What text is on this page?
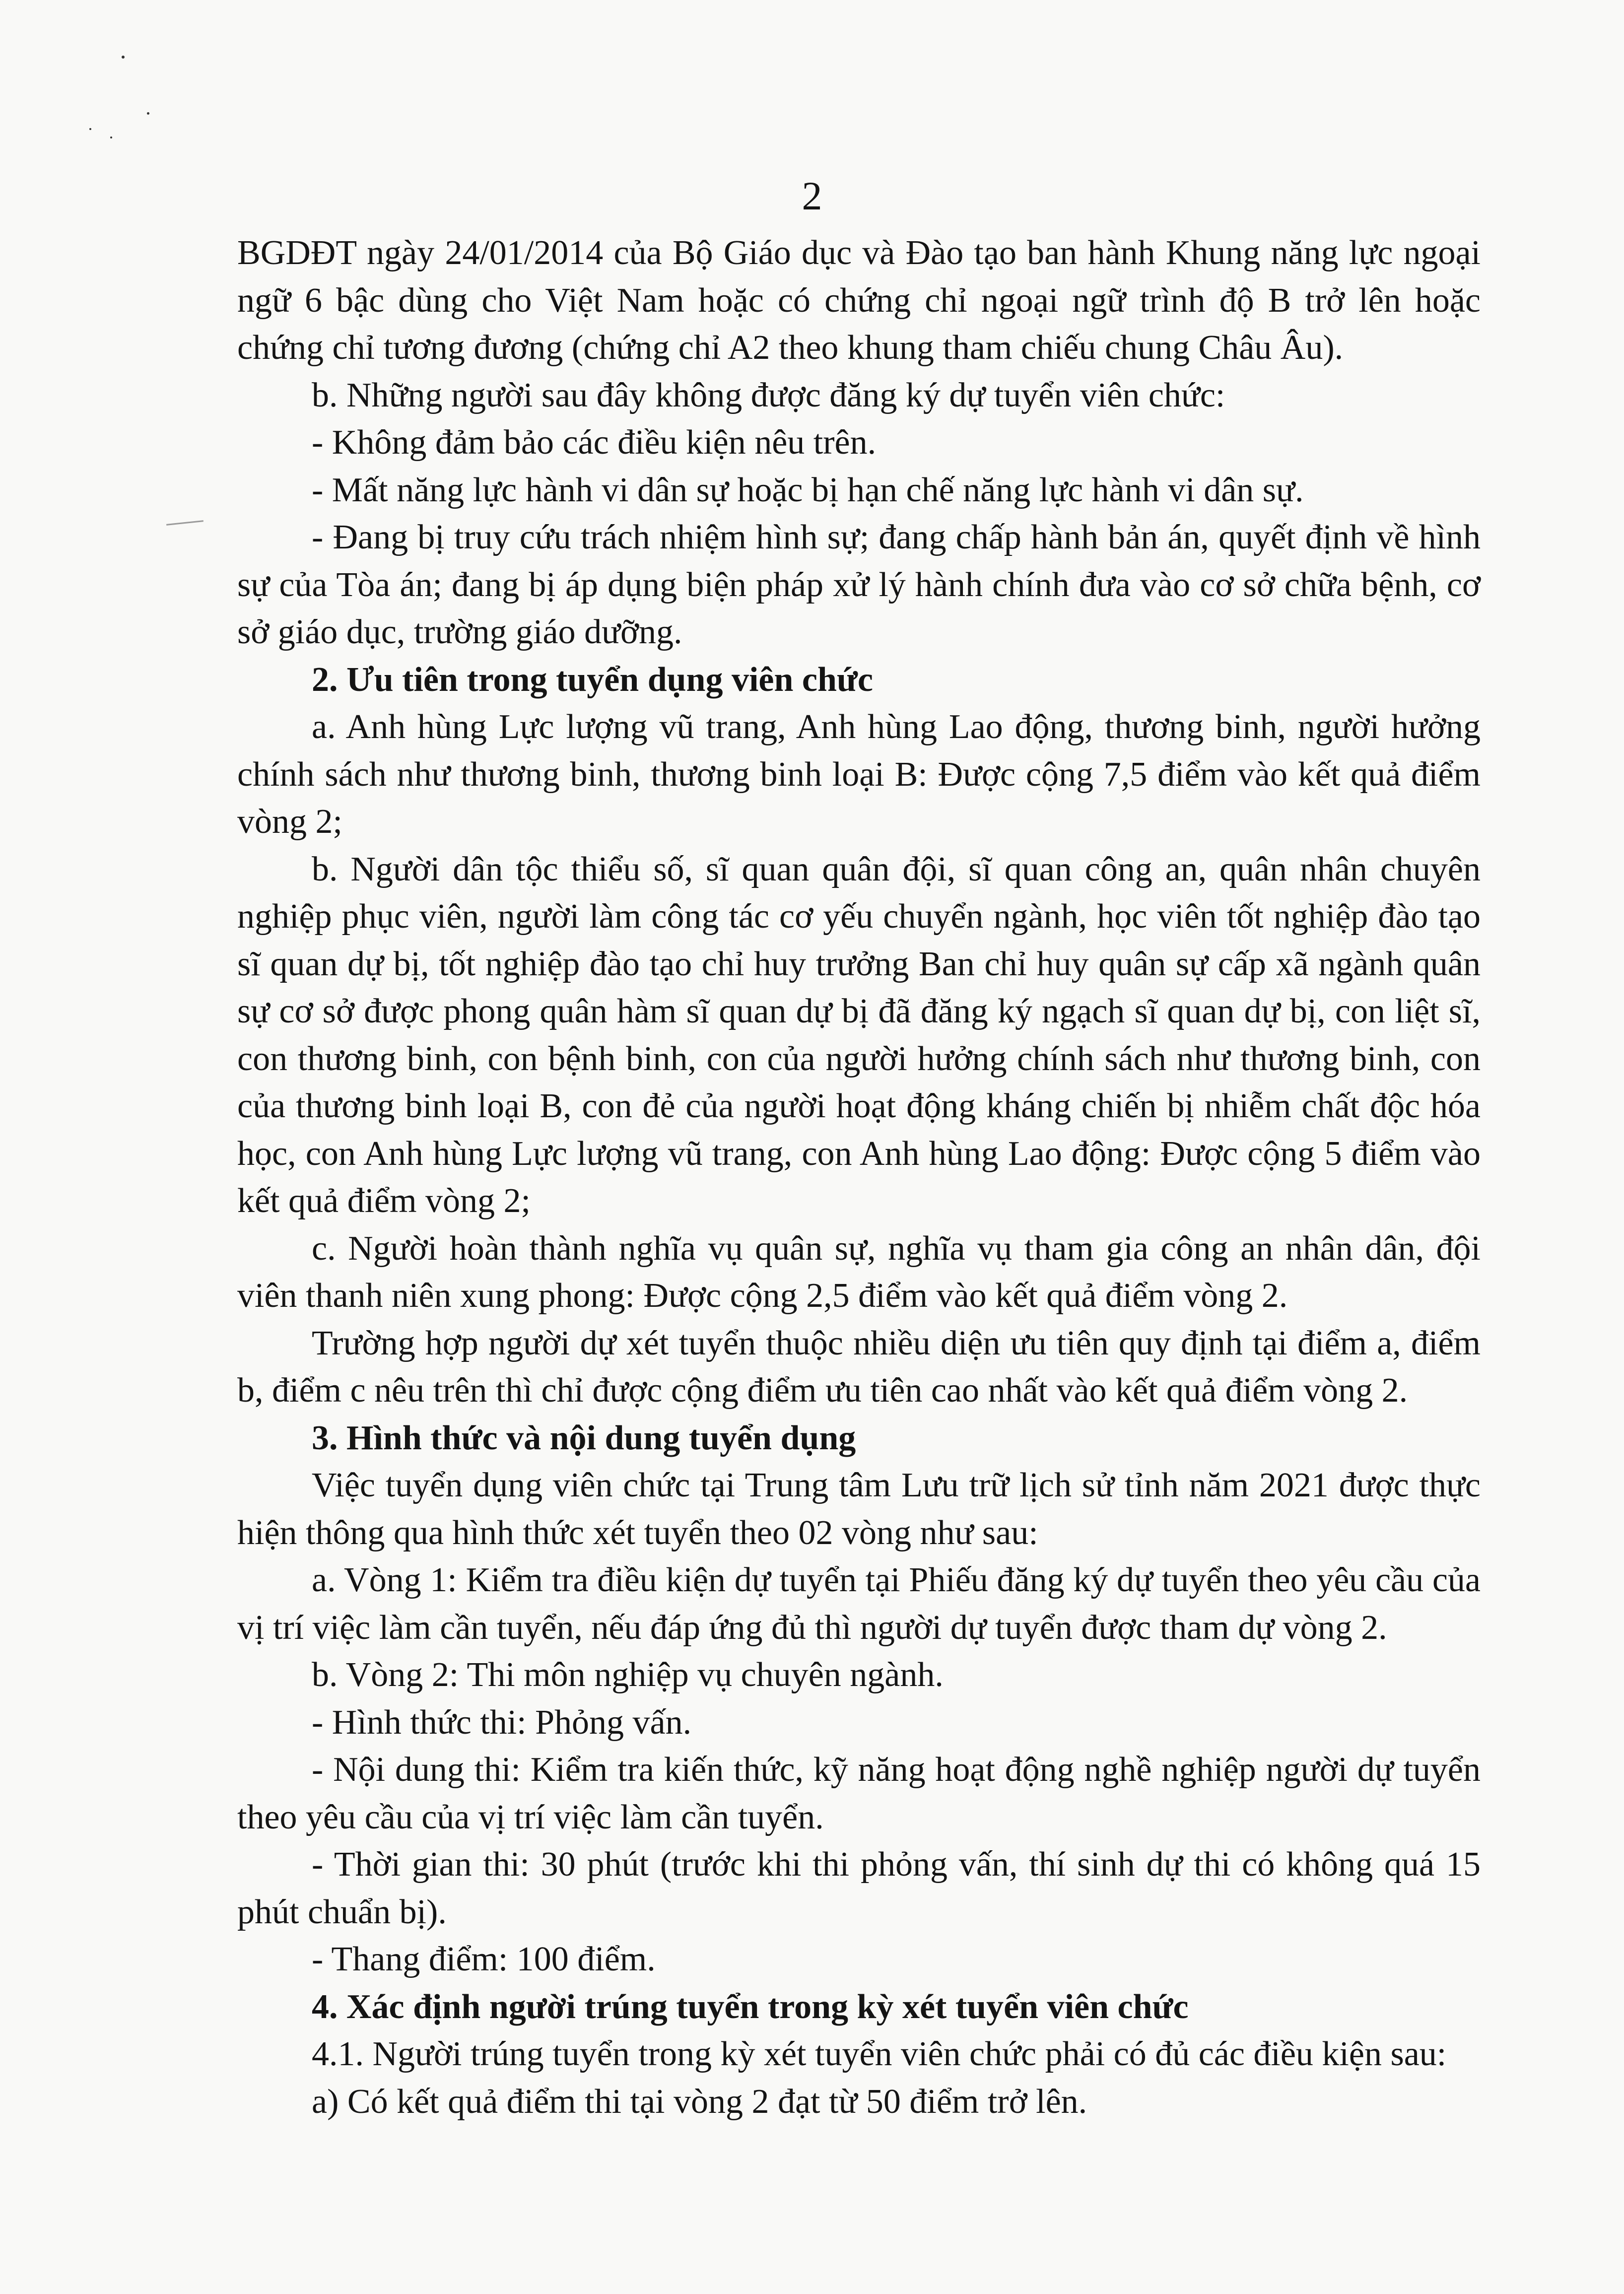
2

BGDĐT ngày 24/01/2014 của Bộ Giáo dục và Đào tạo ban hành Khung năng lực ngoại ngữ 6 bậc dùng cho Việt Nam hoặc có chứng chỉ ngoại ngữ trình độ B trở lên hoặc chứng chỉ tương đương (chứng chỉ A2 theo khung tham chiếu chung Châu Âu).

b. Những người sau đây không được đăng ký dự tuyển viên chức:

- Không đảm bảo các điều kiện nêu trên.

- Mất năng lực hành vi dân sự hoặc bị hạn chế năng lực hành vi dân sự.

- Đang bị truy cứu trách nhiệm hình sự; đang chấp hành bản án, quyết định về hình sự của Tòa án; đang bị áp dụng biện pháp xử lý hành chính đưa vào cơ sở chữa bệnh, cơ sở giáo dục, trường giáo dưỡng.

2. Ưu tiên trong tuyển dụng viên chức

a. Anh hùng Lực lượng vũ trang, Anh hùng Lao động, thương binh, người hưởng chính sách như thương binh, thương binh loại B: Được cộng 7,5 điểm vào kết quả điểm vòng 2;

b. Người dân tộc thiểu số, sĩ quan quân đội, sĩ quan công an, quân nhân chuyên nghiệp phục viên, người làm công tác cơ yếu chuyển ngành, học viên tốt nghiệp đào tạo sĩ quan dự bị, tốt nghiệp đào tạo chỉ huy trưởng Ban chỉ huy quân sự cấp xã ngành quân sự cơ sở được phong quân hàm sĩ quan dự bị đã đăng ký ngạch sĩ quan dự bị, con liệt sĩ, con thương binh, con bệnh binh, con của người hưởng chính sách như thương binh, con của thương binh loại B, con đẻ của người hoạt động kháng chiến bị nhiễm chất độc hóa học, con Anh hùng Lực lượng vũ trang, con Anh hùng Lao động: Được cộng 5 điểm vào kết quả điểm vòng 2;

c. Người hoàn thành nghĩa vụ quân sự, nghĩa vụ tham gia công an nhân dân, đội viên thanh niên xung phong: Được cộng 2,5 điểm vào kết quả điểm vòng 2.

Trường hợp người dự xét tuyển thuộc nhiều diện ưu tiên quy định tại điểm a, điểm b, điểm c nêu trên thì chỉ được cộng điểm ưu tiên cao nhất vào kết quả điểm vòng 2.

3. Hình thức và nội dung tuyển dụng

Việc tuyển dụng viên chức tại Trung tâm Lưu trữ lịch sử tỉnh năm 2021 được thực hiện thông qua hình thức xét tuyển theo 02 vòng như sau:

a. Vòng 1: Kiểm tra điều kiện dự tuyển tại Phiếu đăng ký dự tuyển theo yêu cầu của vị trí việc làm cần tuyển, nếu đáp ứng đủ thì người dự tuyển được tham dự vòng 2.

b. Vòng 2: Thi môn nghiệp vụ chuyên ngành.

- Hình thức thi: Phỏng vấn.

- Nội dung thi: Kiểm tra kiến thức, kỹ năng hoạt động nghề nghiệp người dự tuyển theo yêu cầu của vị trí việc làm cần tuyển.

- Thời gian thi: 30 phút (trước khi thi phỏng vấn, thí sinh dự thi có không quá 15 phút chuẩn bị).

- Thang điểm: 100 điểm.

4. Xác định người trúng tuyển trong kỳ xét tuyển viên chức

4.1. Người trúng tuyển trong kỳ xét tuyển viên chức phải có đủ các điều kiện sau:

a) Có kết quả điểm thi tại vòng 2 đạt từ 50 điểm trở lên.
